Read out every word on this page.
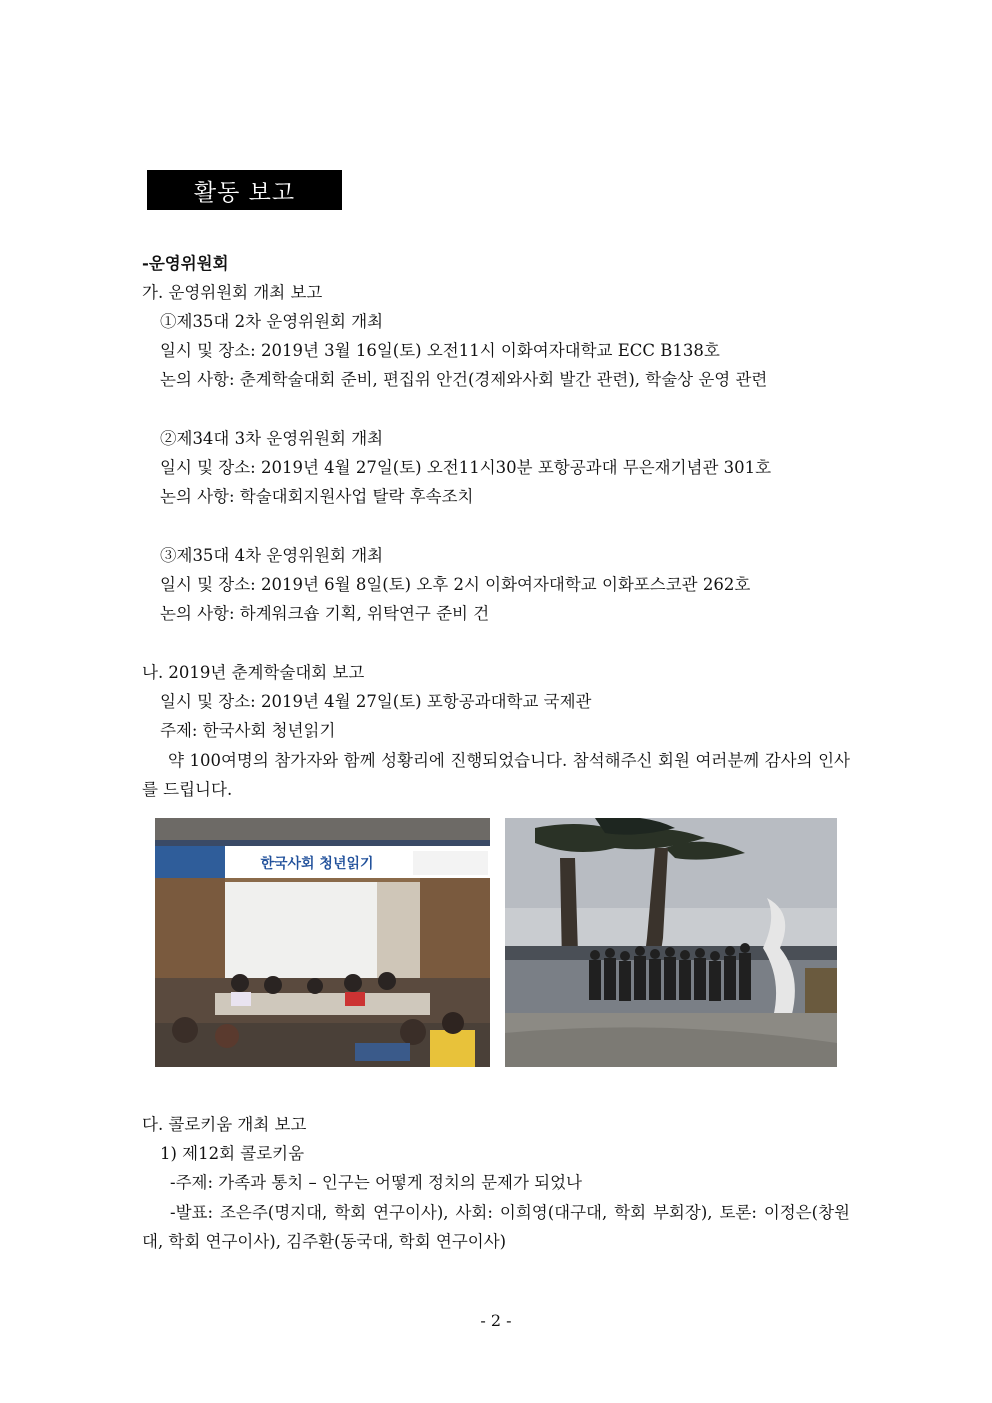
활동 보고
-운영위원회
가. 운영위원회 개최 보고
①제35대 2차 운영위원회 개최
일시 및 장소: 2019년 3월 16일(토) 오전11시 이화여자대학교 ECC B138호
논의 사항: 춘계학술대회 준비, 편집위 안건(경제와사회 발간 관련), 학술상 운영 관련
②제34대 3차 운영위원회 개최
일시 및 장소: 2019년 4월 27일(토) 오전11시30분 포항공과대 무은재기념관 301호
논의 사항: 학술대회지원사업 탈락 후속조치
③제35대 4차 운영위원회 개최
일시 및 장소: 2019년 6월 8일(토) 오후 2시 이화여자대학교 이화포스코관 262호
논의 사항: 하계워크숍 기획, 위탁연구 준비 건
나. 2019년 춘계학술대회 보고
일시 및 장소: 2019년 4월 27일(토) 포항공과대학교 국제관
주제: 한국사회 청년읽기
약 100여명의 참가자와 함께 성황리에 진행되었습니다. 참석해주신 회원 여러분께 감사의 인사를 드립니다.
한국사회 청년읽기
다. 콜로키움 개최 보고
1) 제12회 콜로키움
-주제: 가족과 통치 – 인구는 어떻게 정치의 문제가 되었나
-발표: 조은주(명지대, 학회 연구이사), 사회: 이희영(대구대, 학회 부회장), 토론: 이정은(창원대, 학회 연구이사), 김주환(동국대, 학회 연구이사)
- 2 -
